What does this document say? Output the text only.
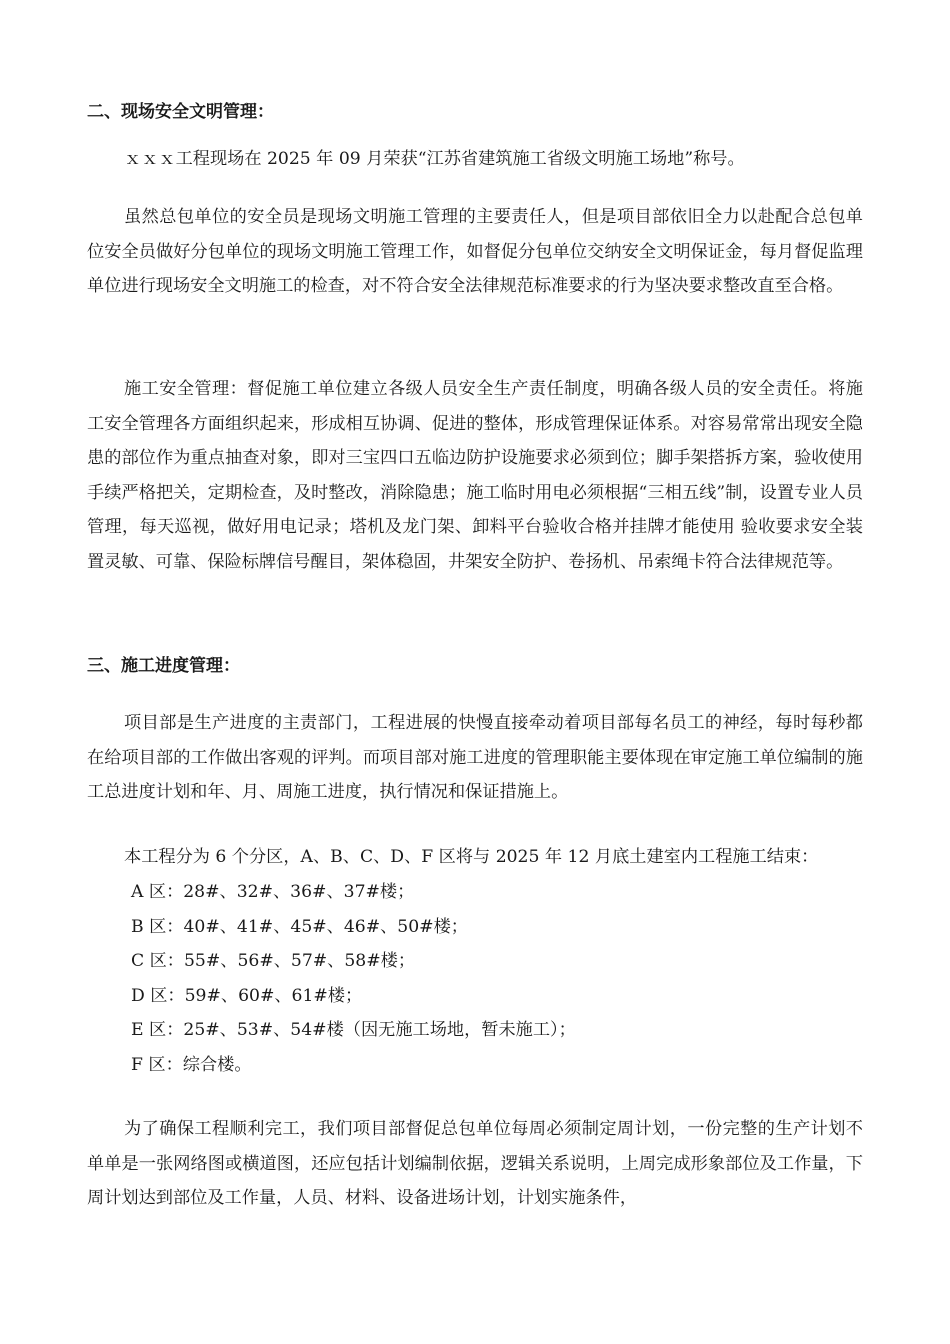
二、现场安全文明管理：

ｘｘｘ工程现场在 2025 年 09 月荣获“江苏省建筑施工省级文明施工场地”称号。

虽然总包单位的安全员是现场文明施工管理的主要责任人，但是项目部依旧全力以赴配合总包单位安全员做好分包单位的现场文明施工管理工作，如督促分包单位交纳安全文明保证金，每月督促监理单位进行现场安全文明施工的检查，对不符合安全法律规范标准要求的行为坚决要求整改直至合格。

施工安全管理：督促施工单位建立各级人员安全生产责任制度，明确各级人员的安全责任。将施工安全管理各方面组织起来，形成相互协调、促进的整体，形成管理保证体系。对容易常常出现安全隐患的部位作为重点抽查对象，即对三宝四口五临边防护设施要求必须到位；脚手架搭拆方案，验收使用手续严格把关，定期检查，及时整改，消除隐患；施工临时用电必须根据“三相五线”制，设置专业人员管理，每天巡视，做好用电记录；塔机及龙门架、卸料平台验收合格并挂牌才能使用 验收要求安全装置灵敏、可靠、保险标牌信号醒目，架体稳固，井架安全防护、卷扬机、吊索绳卡符合法律规范等。

三、施工进度管理：

项目部是生产进度的主责部门，工程进展的快慢直接牵动着项目部每名员工的神经，每时每秒都在给项目部的工作做出客观的评判。而项目部对施工进度的管理职能主要体现在审定施工单位编制的施工总进度计划和年、月、周施工进度，执行情况和保证措施上。

本工程分为 6 个分区，A、B、C、D、F 区将与 2025 年 12 月底土建室内工程施工结束：

A 区：28#、32#、36#、37#楼；
B 区：40#、41#、45#、46#、50#楼；
C 区：55#、56#、57#、58#楼；
D 区：59#、60#、61#楼；
E 区：25#、53#、54#楼（因无施工场地，暂未施工）；
F 区：综合楼。

为了确保工程顺利完工，我们项目部督促总包单位每周必须制定周计划，一份完整的生产计划不单单是一张网络图或横道图，还应包括计划编制依据，逻辑关系说明，上周完成形象部位及工作量，下周计划达到部位及工作量，人员、材料、设备进场计划，计划实施条件，
